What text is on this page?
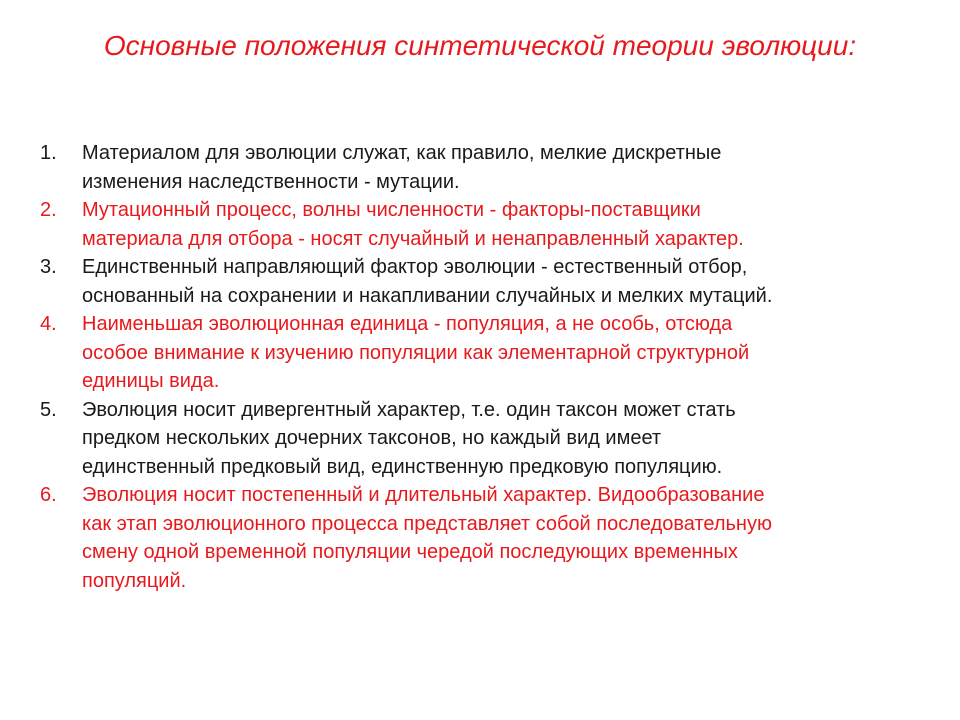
Основные положения синтетической теории эволюции:
1.	Материалом для эволюции служат, как правило, мелкие дискретные
изменения наследственности - мутации.
2.	Мутационный процесс, волны численности - факторы-поставщики
материала для отбора - носят случайный и ненаправленный характер.
3.	Единственный направляющий фактор эволюции - естественный отбор,
основанный на сохранении и накапливании случайных и мелких мутаций.
4.	Наименьшая эволюционная единица - популяция, а не особь, отсюда
особое внимание к изучению популяции как элементарной структурной
единицы вида.
5.	Эволюция носит дивергентный характер, т.е. один таксон может стать
предком нескольких дочерних таксонов, но каждый вид имеет
единственный предковый вид, единственную предковую популяцию.
6.	Эволюция носит постепенный и длительный характер. Видообразование
как этап эволюционного процесса представляет собой последовательную
смену одной временной популяции чередой последующих временных
популяций.
